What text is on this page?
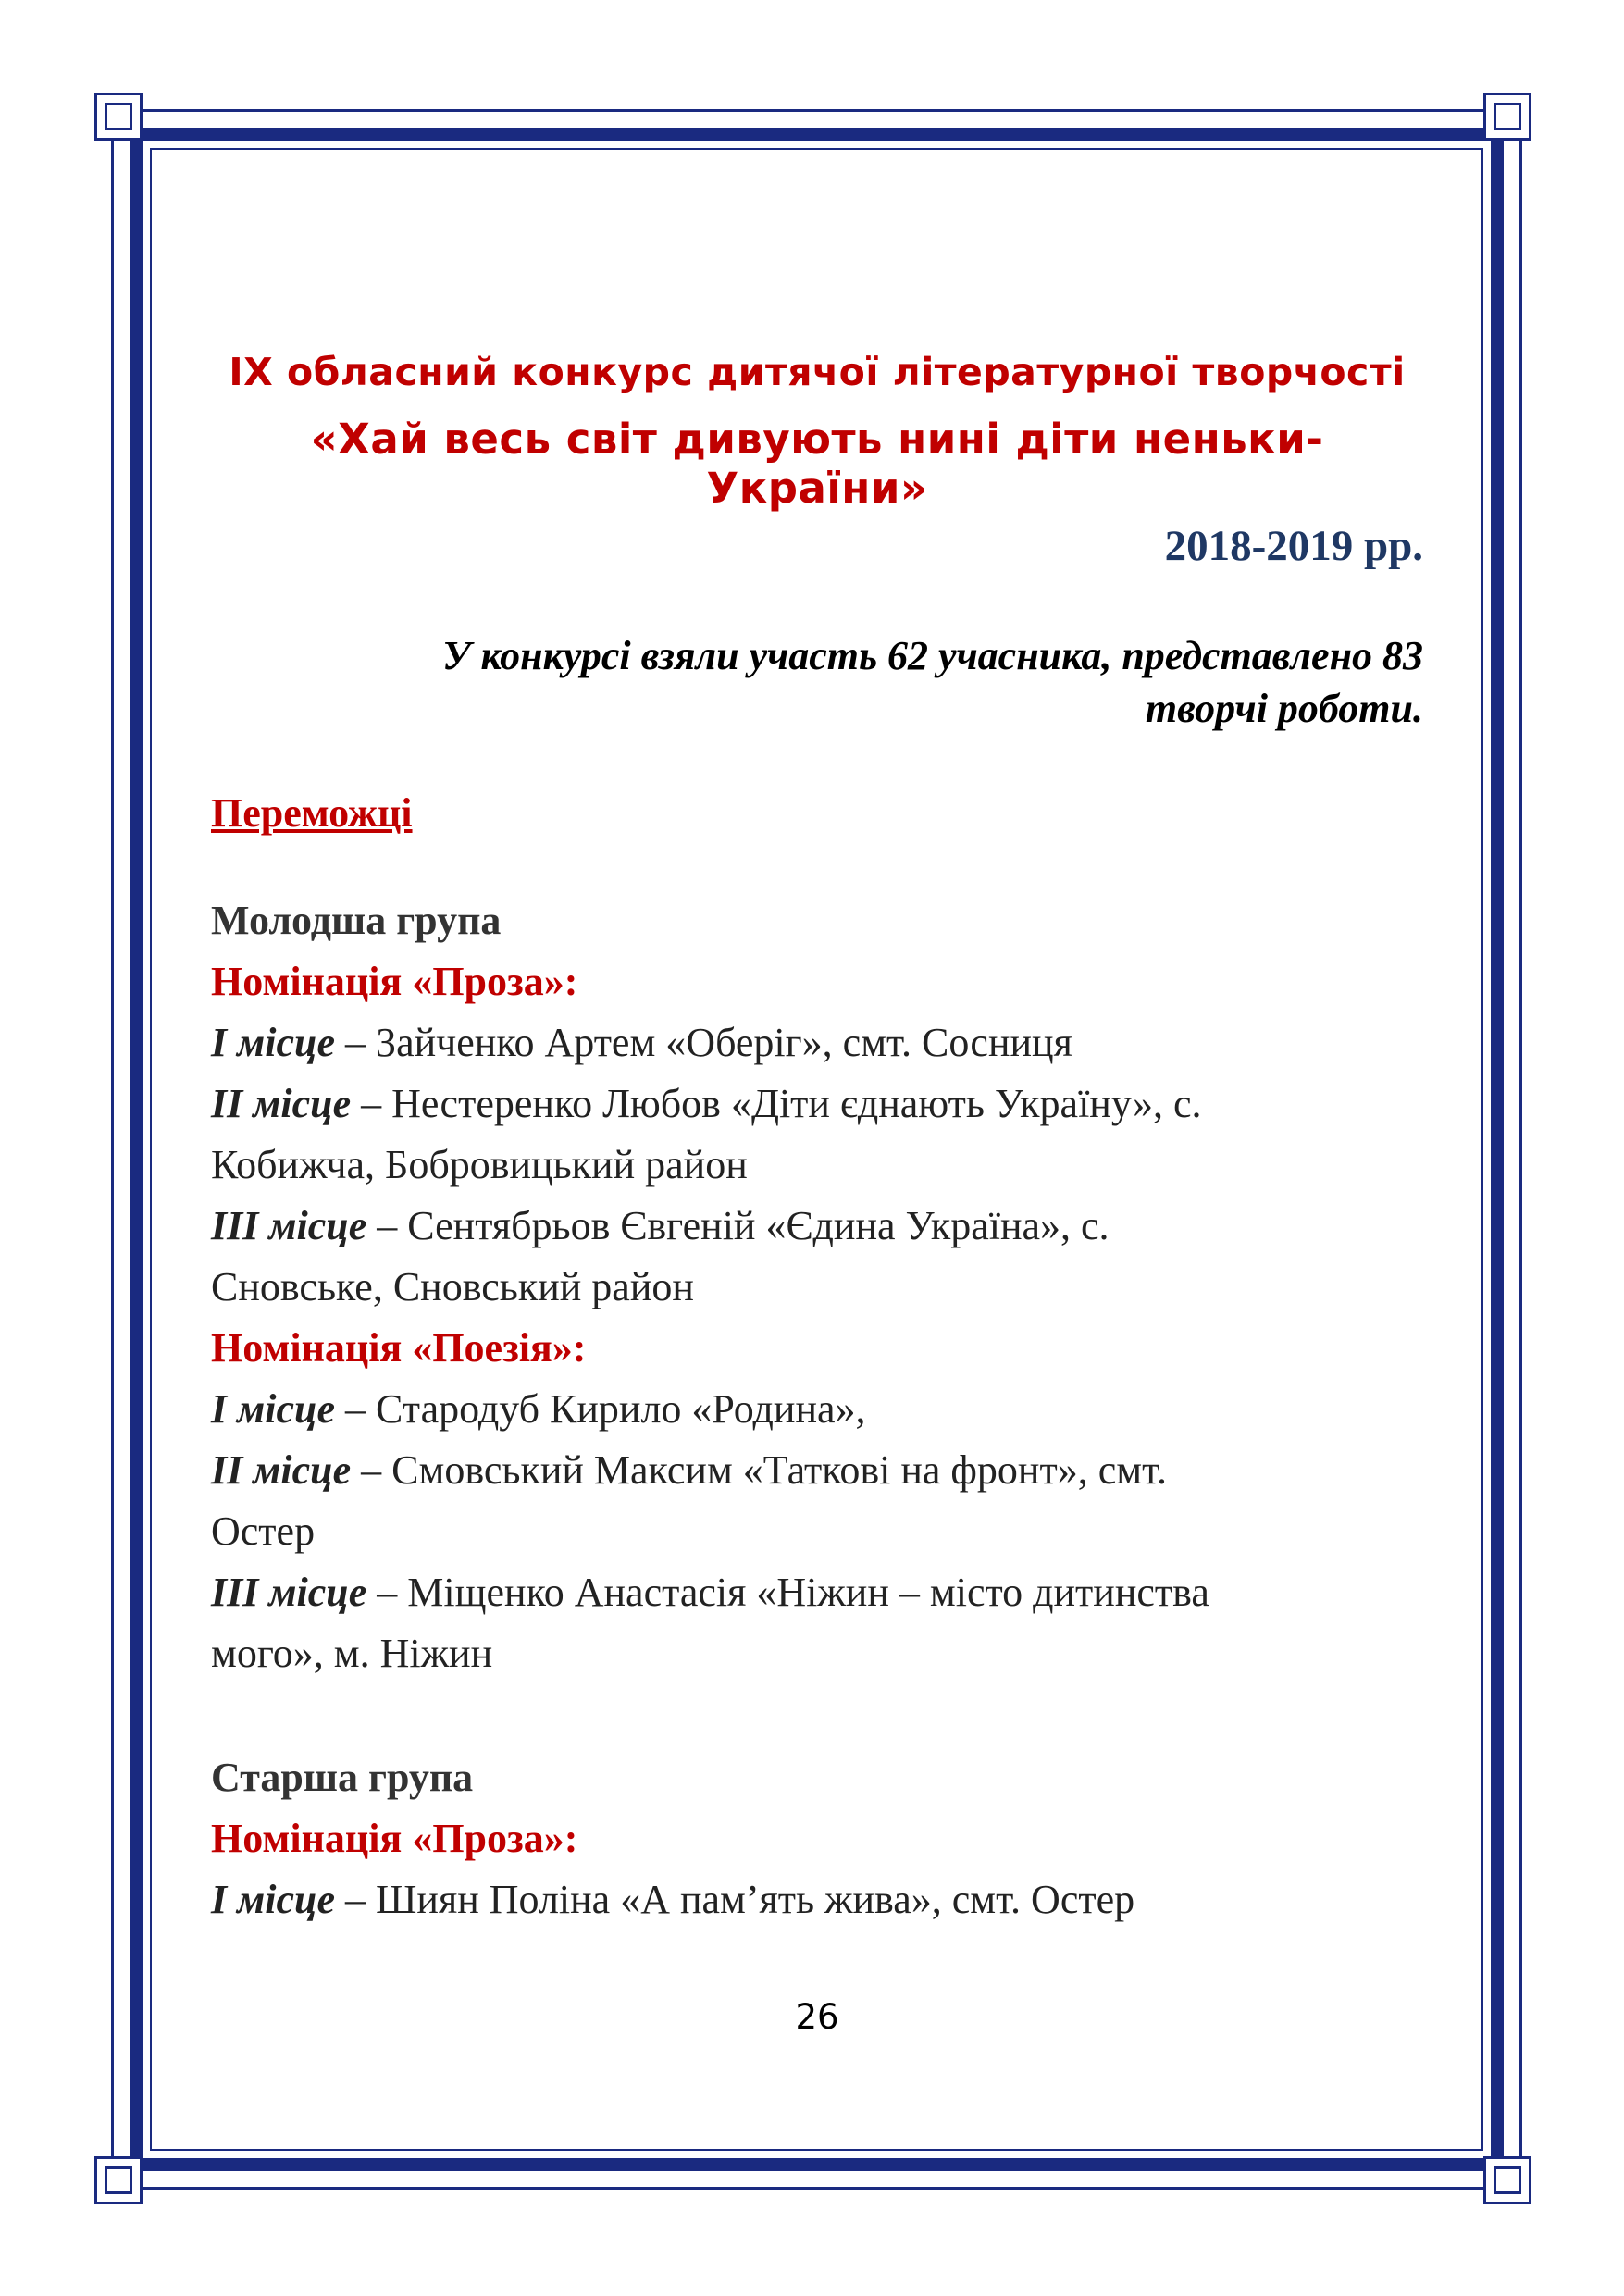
IX обласний конкурс дитячої літературної творчості
«Хай весь світ дивують нині діти неньки-України»
2018-2019 рр.
У конкурсі взяли участь 62 учасника, представлено 83
творчі роботи.
Переможці
Молодша група
Номінація «Проза»:
I місце – Зайченко Артем «Оберіг», смт. Сосниця
II місце – Нестеренко Любов «Діти єднають Україну», с.
Кобижча, Бобровицький район
III місце – Сентябрьов Євгеній «Єдина Україна», с.
Сновське, Сновський район
Номінація «Поезія»:
I місце – Стародуб Кирило «Родина»,
II місце – Смовський Максим «Таткові на фронт», смт.
Остер
III місце – Міщенко Анастасія «Ніжин – місто дитинства
мого», м. Ніжин
Старша група
Номінація «Проза»:
I місце – Шиян Поліна «А пам’ять жива», смт. Остер
26
